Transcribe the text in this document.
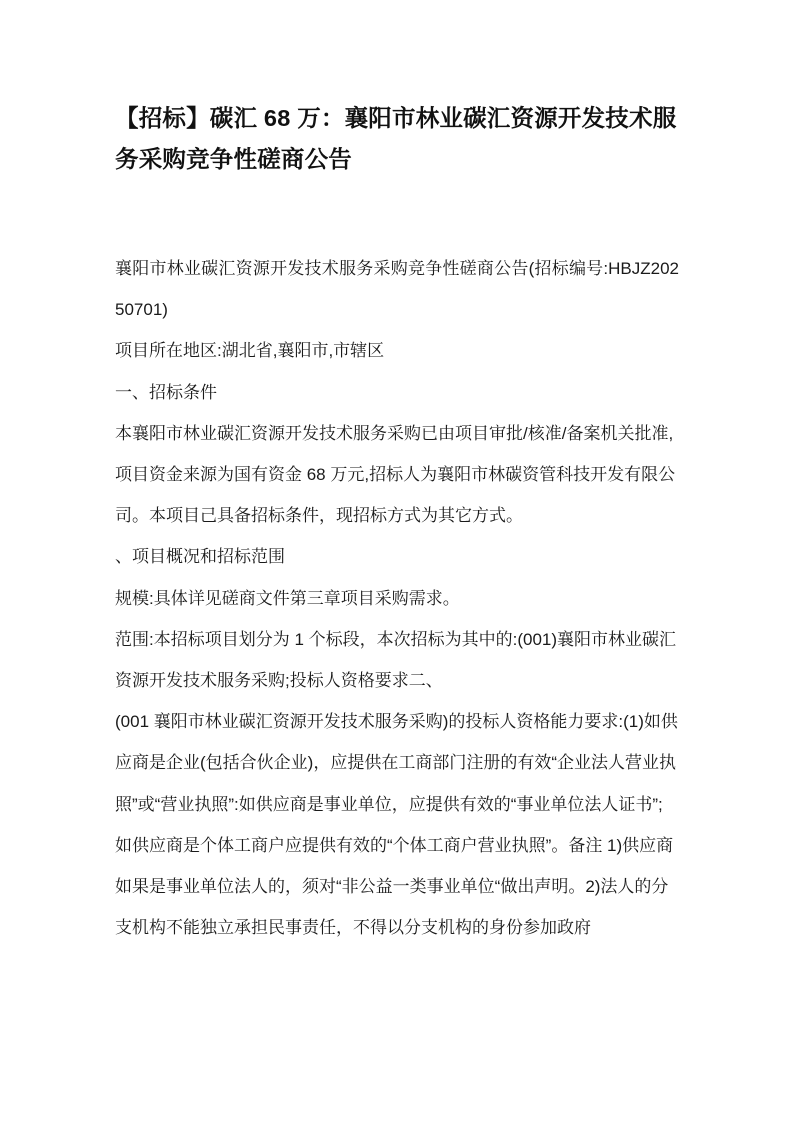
【招标】碳汇 68 万：襄阳市林业碳汇资源开发技术服务采购竞争性磋商公告

襄阳市林业碳汇资源开发技术服务采购竞争性磋商公告(招标编号:HBJZ20250701)

项目所在地区:湖北省,襄阳市,市辖区

一、招标条件

本襄阳市林业碳汇资源开发技术服务采购已由项目审批/核准/备案机关批准,项目资金来源为国有资金 68 万元,招标人为襄阳市林碳资管科技开发有限公司。本项目己具备招标条件，现招标方式为其它方式。

、项目概况和招标范围

规模:具体详见磋商文件第三章项目采购需求。

范围:本招标项目划分为 1 个标段，本次招标为其中的:(001)襄阳市林业碳汇资源开发技术服务采购;投标人资格要求二、

(001 襄阳市林业碳汇资源开发技术服务采购)的投标人资格能力要求:(1)如供应商是企业(包括合伙企业)，应提供在工商部门注册的有效“企业法人营业执照”或“营业执照”:如供应商是事业单位，应提供有效的“事业单位法人证书”;如供应商是个体工商户应提供有效的“个体工商户营业执照”。备注 1)供应商如果是事业单位法人的，须对“非公益一类事业单位“做出声明。2)法人的分支机构不能独立承担民事责任，不得以分支机构的身份参加政府
